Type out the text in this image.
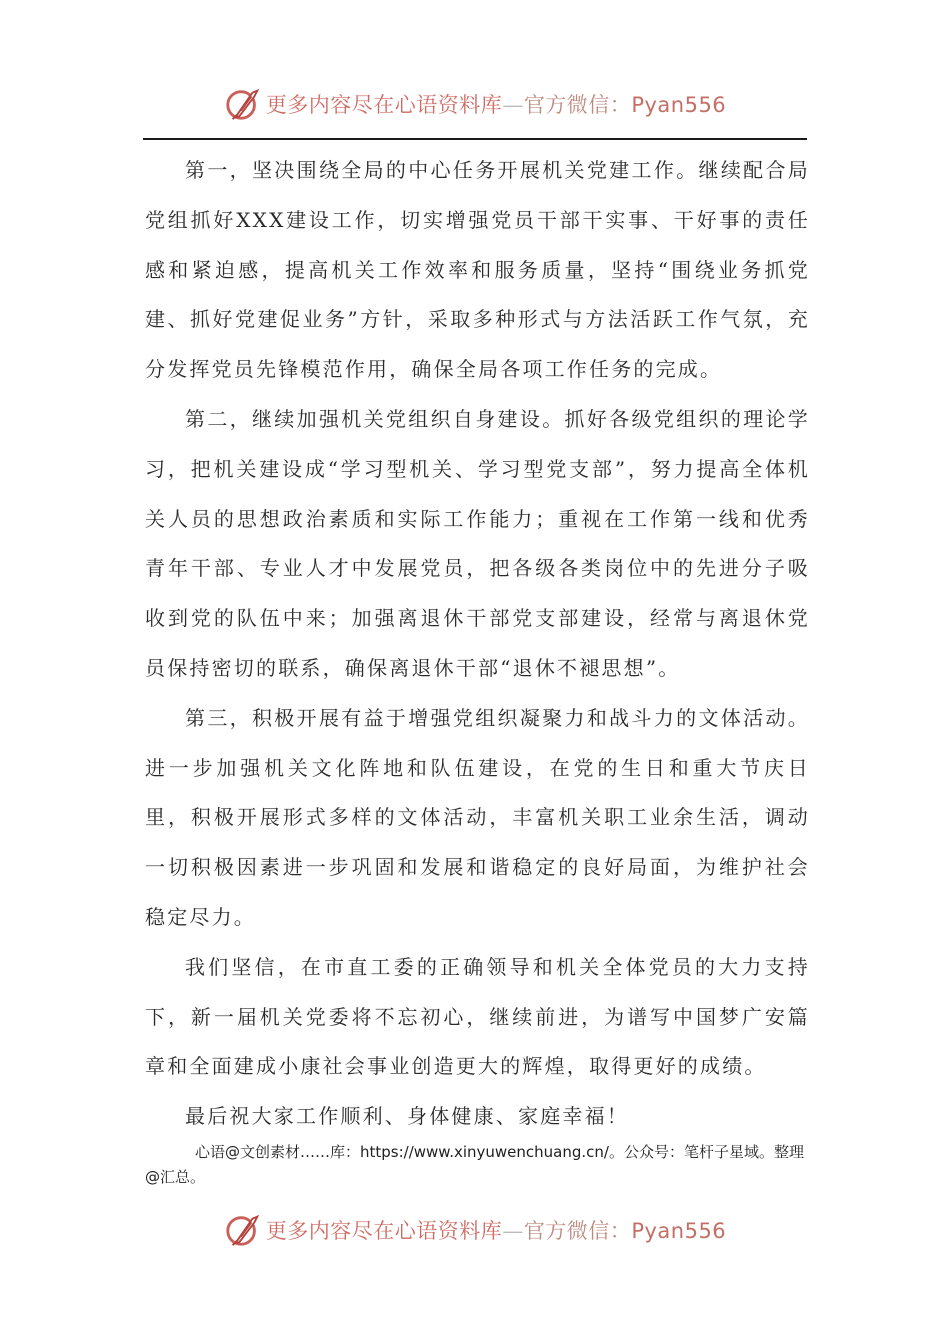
更多内容尽在心语资料库—官方微信：Pyan556

第一，坚决围绕全局的中心任务开展机关党建工作。继续配合局党组抓好XXX建设工作，切实增强党员干部干实事、干好事的责任感和紧迫感，提高机关工作效率和服务质量，坚持“围绕业务抓党建、抓好党建促业务”方针，采取多种形式与方法活跃工作气氛，充分发挥党员先锋模范作用，确保全局各项工作任务的完成。

第二，继续加强机关党组织自身建设。抓好各级党组织的理论学习，把机关建设成“学习型机关、学习型党支部”，努力提高全体机关人员的思想政治素质和实际工作能力；重视在工作第一线和优秀青年干部、专业人才中发展党员，把各级各类岗位中的先进分子吸收到党的队伍中来；加强离退休干部党支部建设，经常与离退休党员保持密切的联系，确保离退休干部“退休不褪思想”。

第三，积极开展有益于增强党组织凝聚力和战斗力的文体活动。进一步加强机关文化阵地和队伍建设，在党的生日和重大节庆日里，积极开展形式多样的文体活动，丰富机关职工业余生活，调动一切积极因素进一步巩固和发展和谐稳定的良好局面，为维护社会稳定尽力。

我们坚信，在市直工委的正确领导和机关全体党员的大力支持下，新一届机关党委将不忘初心，继续前进，为谱写中国梦广安篇章和全面建成小康社会事业创造更大的辉煌，取得更好的成绩。

最后祝大家工作顺利、身体健康、家庭幸福！

心语@文创素材……库：https://www.xinyuwenchuang.cn/。公众号：笔杆子星域。整理@汇总。
更多内容尽在心语资料库—官方微信：Pyan556
